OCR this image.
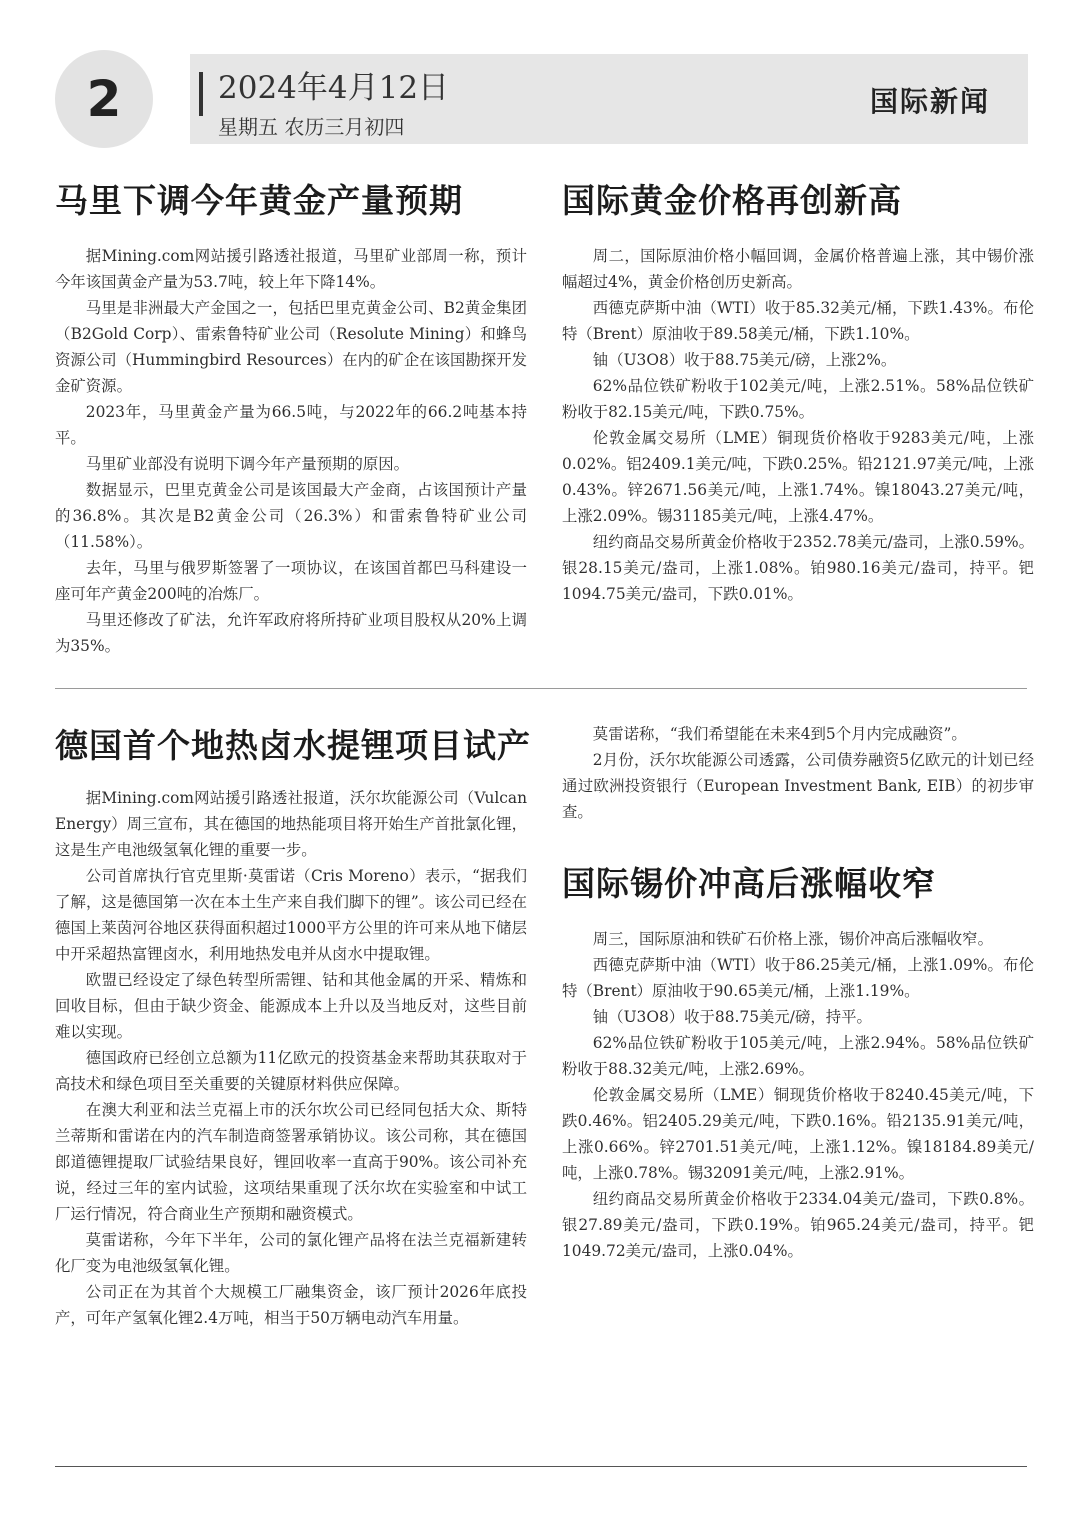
2	2024年4月12日
星期五 农历三月初四
国际新闻
马里下调今年黄金产量预期

据Mining.com网站援引路透社报道，马里矿业部周一称，预计今年该国黄金产量为53.7吨，较上年下降14%。

马里是非洲最大产金国之一，包括巴里克黄金公司、B2黄金集团（B2Gold Corp）、雷索鲁特矿业公司（Resolute Mining）和蜂鸟资源公司（Hummingbird Resources）在内的矿企在该国勘探开发金矿资源。

2023年，马里黄金产量为66.5吨，与2022年的66.2吨基本持平。

马里矿业部没有说明下调今年产量预期的原因。

数据显示，巴里克黄金公司是该国最大产金商，占该国预计产量的36.8%。其次是B2黄金公司（26.3%）和雷索鲁特矿业公司（11.58%）。

去年，马里与俄罗斯签署了一项协议，在该国首都巴马科建设一座可年产黄金200吨的冶炼厂。

马里还修改了矿法，允许军政府将所持矿业项目股权从20%上调为35%。

国际黄金价格再创新高

周二，国际原油价格小幅回调，金属价格普遍上涨，其中锡价涨幅超过4%，黄金价格创历史新高。

西德克萨斯中油（WTI）收于85.32美元/桶，下跌1.43%。布伦特（Brent）原油收于89.58美元/桶，下跌1.10%。

铀（U3O8）收于88.75美元/磅，上涨2%。

62%品位铁矿粉收于102美元/吨，上涨2.51%。58%品位铁矿粉收于82.15美元/吨，下跌0.75%。

伦敦金属交易所（LME）铜现货价格收于9283美元/吨，上涨0.02%。铝2409.1美元/吨，下跌0.25%。铅2121.97美元/吨，上涨0.43%。锌2671.56美元/吨，上涨1.74%。镍18043.27美元/吨，上涨2.09%。锡31185美元/吨，上涨4.47%。

纽约商品交易所黄金价格收于2352.78美元/盎司，上涨0.59%。银28.15美元/盎司，上涨1.08%。铂980.16美元/盎司，持平。钯1094.75美元/盎司，下跌0.01%。

德国首个地热卤水提锂项目试产

据Mining.com网站援引路透社报道，沃尔坎能源公司（Vulcan Energy）周三宣布，其在德国的地热能项目将开始生产首批氯化锂，这是生产电池级氢氧化锂的重要一步。

公司首席执行官克里斯·莫雷诺（Cris Moreno）表示，“据我们了解，这是德国第一次在本土生产来自我们脚下的锂”。该公司已经在德国上莱茵河谷地区获得面积超过1000平方公里的许可来从地下储层中开采超热富锂卤水，利用地热发电并从卤水中提取锂。

欧盟已经设定了绿色转型所需锂、钴和其他金属的开采、精炼和回收目标，但由于缺少资金、能源成本上升以及当地反对，这些目前难以实现。

德国政府已经创立总额为11亿欧元的投资基金来帮助其获取对于高技术和绿色项目至关重要的关键原材料供应保障。

在澳大利亚和法兰克福上市的沃尔坎公司已经同包括大众、斯特兰蒂斯和雷诺在内的汽车制造商签署承销协议。该公司称，其在德国郎道德锂提取厂试验结果良好，锂回收率一直高于90%。该公司补充说，经过三年的室内试验，这项结果重现了沃尔坎在实验室和中试工厂运行情况，符合商业生产预期和融资模式。

莫雷诺称，今年下半年，公司的氯化锂产品将在法兰克福新建转化厂变为电池级氢氧化锂。

公司正在为其首个大规模工厂融集资金，该厂预计2026年底投产，可年产氢氧化锂2.4万吨，相当于50万辆电动汽车用量。

莫雷诺称，“我们希望能在未来4到5个月内完成融资”。

2月份，沃尔坎能源公司透露，公司债券融资5亿欧元的计划已经通过欧洲投资银行（European Investment Bank, EIB）的初步审查。

国际锡价冲高后涨幅收窄

周三，国际原油和铁矿石价格上涨，锡价冲高后涨幅收窄。

西德克萨斯中油（WTI）收于86.25美元/桶，上涨1.09%。布伦特（Brent）原油收于90.65美元/桶，上涨1.19%。

铀（U3O8）收于88.75美元/磅，持平。

62%品位铁矿粉收于105美元/吨，上涨2.94%。58%品位铁矿粉收于88.32美元/吨，上涨2.69%。

伦敦金属交易所（LME）铜现货价格收于8240.45美元/吨，下跌0.46%。铝2405.29美元/吨，下跌0.16%。铅2135.91美元/吨，上涨0.66%。锌2701.51美元/吨，上涨1.12%。镍18184.89美元/吨，上涨0.78%。锡32091美元/吨，上涨2.91%。

纽约商品交易所黄金价格收于2334.04美元/盎司，下跌0.8%。银27.89美元/盎司，下跌0.19%。铂965.24美元/盎司，持平。钯1049.72美元/盎司，上涨0.04%。
